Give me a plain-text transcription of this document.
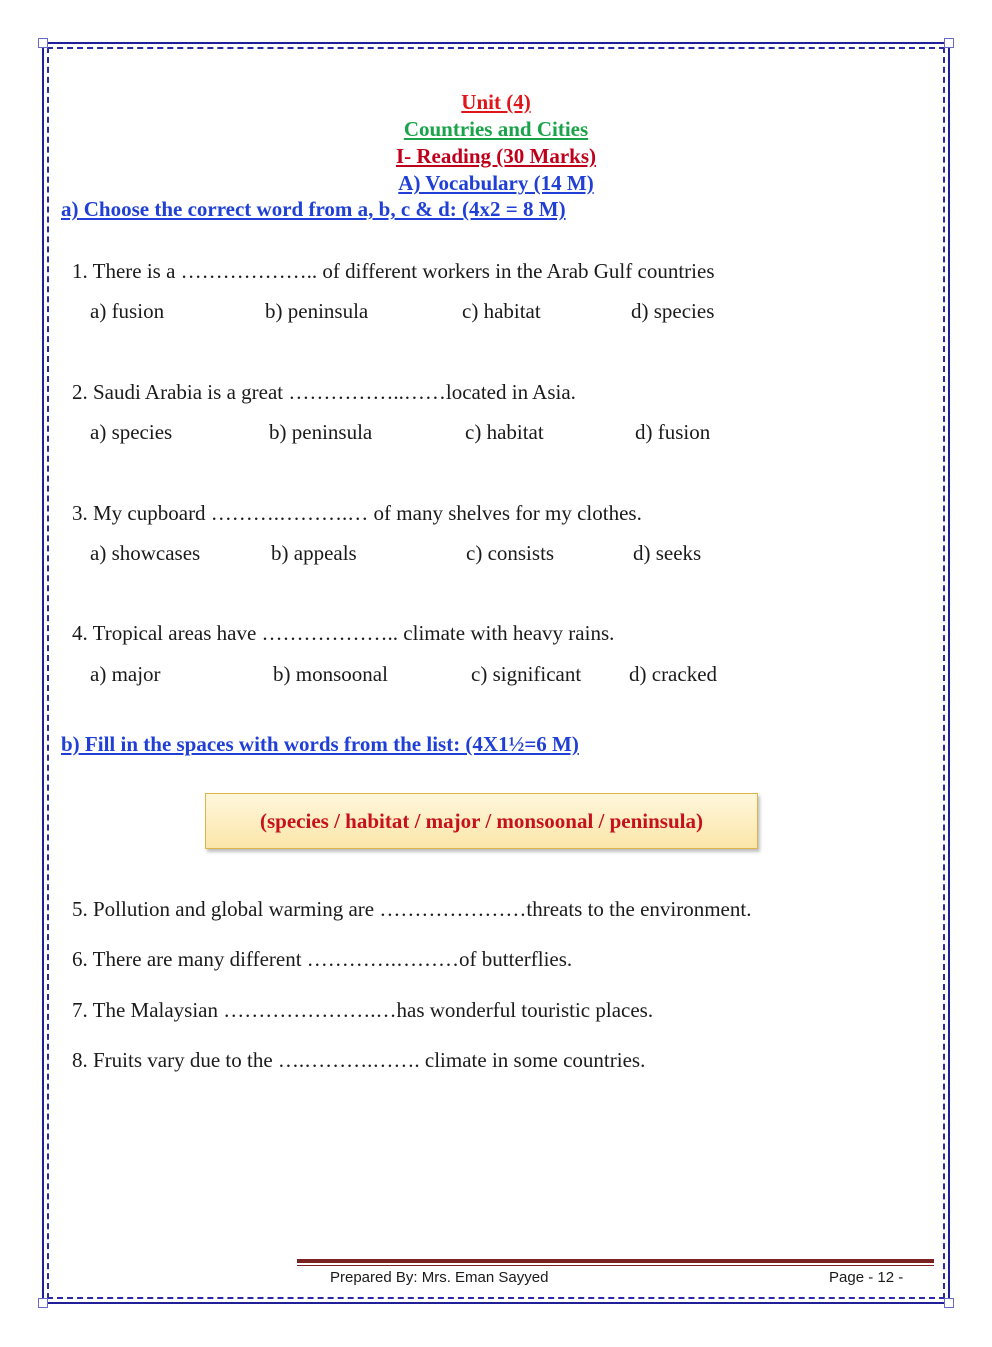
Unit (4)
Countries and Cities
I- Reading (30 Marks)
A) Vocabulary (14 M)
a) Choose the correct word from a, b, c & d: (4x2 = 8 M)
1. There is a ……………….. of different workers in the Arab Gulf countries
a) fusion	b) peninsula	c) habitat	d) species
2. Saudi Arabia is a great ……………..……located in Asia.
a) species	b) peninsula	c) habitat	d) fusion
3. My cupboard ……….……….… of many shelves for my clothes.
a) showcases	b) appeals	c) consists	d) seeks
4. Tropical areas have ……………….. climate with heavy rains.
a) major	b) monsoonal	c) significant d) cracked
b) Fill in the spaces with words from the list: (4X1½=6 M)
(species / habitat / major / monsoonal / peninsula)
5. Pollution and global warming are …………………threats to the environment.
6. There are many different ………….………of butterflies.
7. The Malaysian ………………….…has wonderful touristic places.
8. Fruits vary due to the ….……….……. climate in some countries.
Prepared By: Mrs. Eman Sayyed	Page - 12 -
